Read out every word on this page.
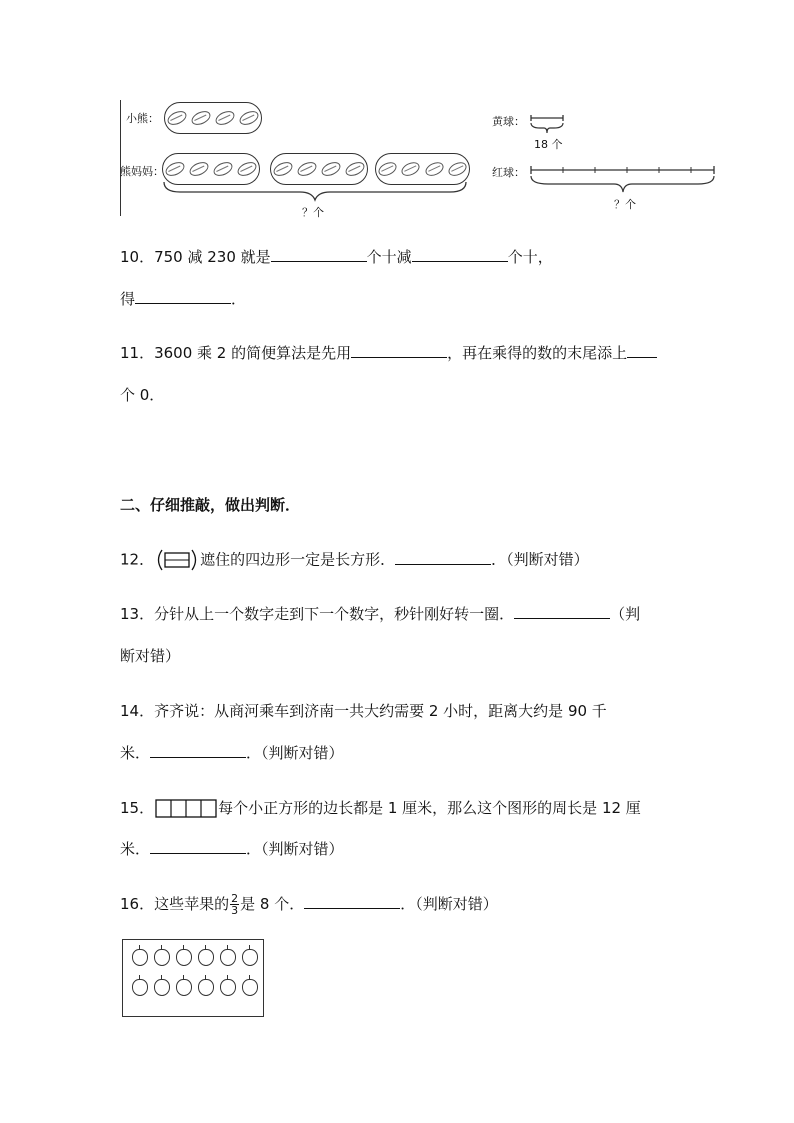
小熊：
熊妈妈：
？个
黄球：
18 个
红球：
？个
10．750 减 230 就是	个十减	个十，
得	．
11．3600 乘 2 的简便算法是先用	，再在乘得的数的末尾添上
个 0．
二、仔细推敲，做出判断．
12．	遮住的四边形一定是长方形．	．（判断对错）
13．分针从上一个数字走到下一个数字，秒针刚好转一圈．	（判
断对错）
14．齐齐说：从商河乘车到济南一共大约需要 2 小时，距离大约是 90 千
米．	．（判断对错）
15．	每个小正方形的边长都是 1 厘米，那么这个图形的周长是 12 厘
米．	．（判断对错）
16．这些苹果的 $\frac{2}{3}$ 是 8 个．	．（判断对错）
